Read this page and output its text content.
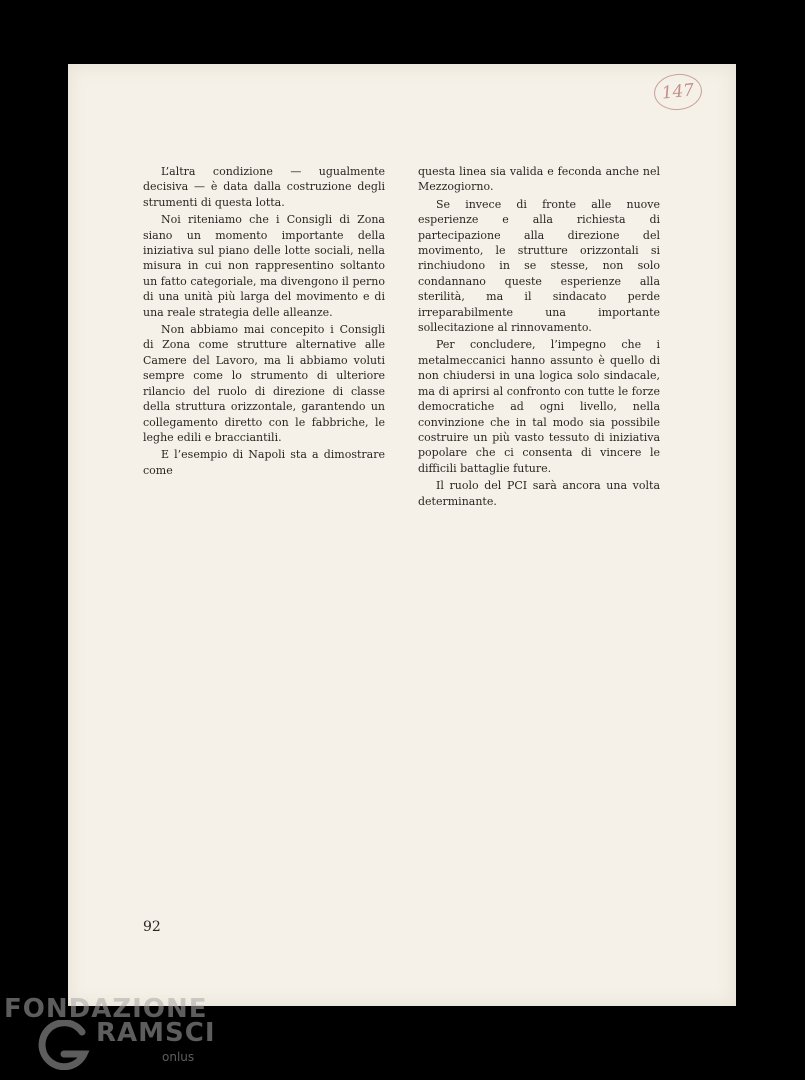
147

L’altra condizione — ugualmente decisiva — è data dalla costruzione degli strumenti di questa lotta.

Noi riteniamo che i Consigli di Zona siano un momento importante della iniziativa sul piano delle lotte sociali, nella misura in cui non rappresentino soltanto un fatto categoriale, ma divengono il perno di una unità più larga del movimento e di una reale strategia delle alleanze.

Non abbiamo mai concepito i Consigli di Zona come strutture alternative alle Camere del Lavoro, ma li abbiamo voluti sempre come lo strumento di ulteriore rilancio del ruolo di direzione di classe della struttura orizzontale, garantendo un collegamento diretto con le fabbriche, le leghe edili e bracciantili.

E l’esempio di Napoli sta a dimostrare come

questa linea sia valida e feconda anche nel Mezzogiorno.

Se invece di fronte alle nuove esperienze e alla richiesta di partecipazione alla direzione del movimento, le strutture orizzontali si rinchiudono in se stesse, non solo condannano queste esperienze alla sterilità, ma il sindacato perde irreparabilmente una importante sollecitazione al rinnovamento.

Per concludere, l’impegno che i metalmeccanici hanno assunto è quello di non chiudersi in una logica solo sindacale, ma di aprirsi al confronto con tutte le forze democratiche ad ogni livello, nella convinzione che in tal modo sia possibile costruire un più vasto tessuto di iniziativa popolare che ci consenta di vincere le difficili battaglie future.

Il ruolo del PCI sarà ancora una volta determinante.

92
FONDAZIONE
RAMSCI
onlus
